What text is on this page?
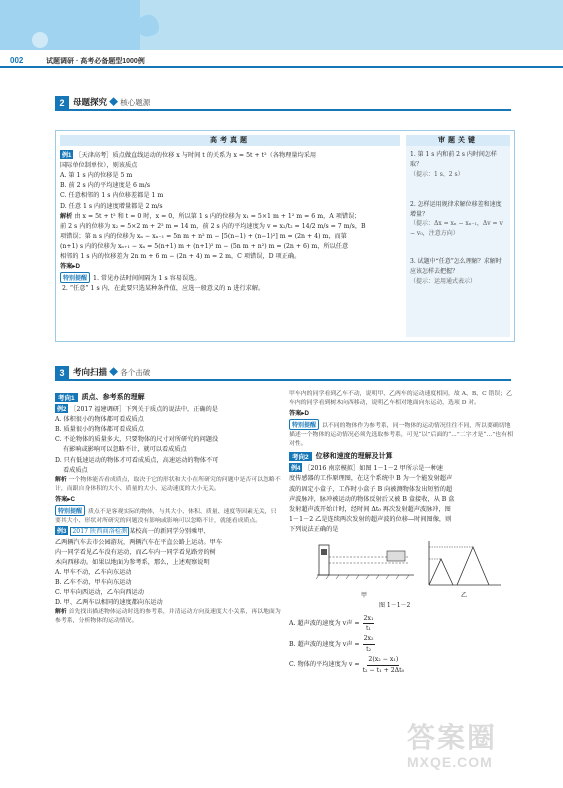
002	试题调研 · 高考必备题型1000例
2	母题探究 ◆ 核心题源
高考真题
例1 ［天津高考］质点做直线运动的位移 x 与时间 t 的关系为 x = 5t + t²（各物理量均采用
国际单位制单位），则该质点
A. 第 1 s 内的位移是 5 m
B. 前 2 s 内的平均速度是 6 m/s
C. 任意相邻的 1 s 内位移差都是 1 m
D. 任意 1 s 内的速度增量都是 2 m/s
解析 由 x = 5t + t² 和 t = 0 时，x = 0，所以第 1 s 内的位移为 x₁ = 5×1 m + 1² m = 6 m，A 项错误；
前 2 s 内的位移为 x₂ = 5×2 m + 2² m = 14 m，前 2 s 内的平均速度为 v = x₂/t₂ = 14/2 m/s = 7 m/s，B
项错误；第 n s 内的位移为 xₙ − xₙ₋₁ = 5n m + n² m − [5(n−1) + (n−1)²] m = (2n + 4) m，而第
(n+1) s 内的位移为 xₙ₊₁ − xₙ = 5(n+1) m + (n+1)² m − (5n m + n²) m = (2n + 6) m，所以任意
相邻的 1 s 内的位移差为 2n m + 6 m − (2n + 4) m = 2 m，C 项错误，D 项正确。
答案▸D
特别提醒 1. 常见办法时间间隔为 1 s 容易误选。
2. “任意” 1 s 内，在此要只选某种条件值，应选一般意义的 n 进行求解。
审题关键
1. 第 1 s 内和前 2 s 内时间怎样取？
（提示：1 s、2 s）
2. 怎样运用规律求解位移差和速度增量？
（提示：Δx = xₙ − xₙ₋₁，Δv = v − v₀，注意方向）
3. 试题中“任意”怎么理解？求解时应该怎样去把握？
（提示：运用通式表示）
3	考向扫描 ◆ 各个击破
考向1	质点、参考系的理解
例2 ［2017 福建调研］下列关于质点的说法中，正确的是
A. 体积很小的物体都可看成质点
B. 质量很小的物体都可看成质点
C. 不论物体的质量多大，只要物体的尺寸对所研究的问题没
有影响或影响可以忽略不计，就可以看成质点
D. 只有低速运动的物体才可看成质点，高速运动的物体不可
看成质点
解析 一个物体能否看成质点，取决于它的形状和大小在所研究的问题中是否可以忽略不计，而跟自身体积的大小、质量的大小、运动速度的大小无关。
答案▸C
特别提醒 质点不是客观实际的物体，与其大小、体积、质量、速度等因素无关，只要其大小、形状对所研究的问题没有影响或影响可以忽略不计，就能看成质点。
例3 2017 陕西商洛检测 某校高一的新同学分别乘甲、
乙两辆汽车去市公园游玩，两辆汽车在平直公路上运动。甲车
内一同学看见乙车没有运动，而乙车内一同学看见路旁的树
木向西移动。如果以地面为参考系，那么，上述观察说明
A. 甲车不动，乙车向东运动
B. 乙车不动，甲车向东运动
C. 甲车向西运动，乙车向西运动
D. 甲、乙两车以相同的速度都向东运动
解析 首先找出描述物体运动时选的参考系，并清运动方向及速度大小关系，再以地面为参考系，分析物体的运动情况。
甲车内的同学看到乙车不动，说明甲、乙两车的运动速度相同，故 A、B、C 错误；乙车内的同学看到树木向西移动，说明乙车相对地面向东运动，选项 D 对。
答案▸D
特别提醒 以不同的物体作为参考系，同一物体的运动情况往往不同，所以要确切地描述一个物体的运动情况必须先选取参考系，可见“以”后面的“...”二字才是“…”也有相对性。
考向2	位移和速度的理解及计算
例4 ［2016 南京模拟］如图 1－1－2 甲所示是一种速
度传感器的工作原理图，在这个系统中 B 为一个能发射超声
波的固定小盒子，工作时小盒子 B 向被测物体发出短暂的超
声波脉冲，脉冲被运动的物体反射后又被 B 盒接收，从 B 盒
发射超声波开始计时，经时间 Δt₀ 再次发射超声波脉冲，图
1－1－2 乙是连续两次发射的超声波的位移—时间图像，则
下列说法正确的是
甲	乙
图 1－1－2
A. 超声波的速度为 v声 = $\frac{\text{2x₁}}{\text{t₁}}$
B. 超声波的速度为 v声 = $\frac{\text{2x₂}}{\text{t₂}}$
C. 物体的平均速度为 $v = \frac{\text{2(x₂ − x₁)}}{\text{t₂ − t₁ + 2Δt₀}}$
答案圈
MXQE.COM
